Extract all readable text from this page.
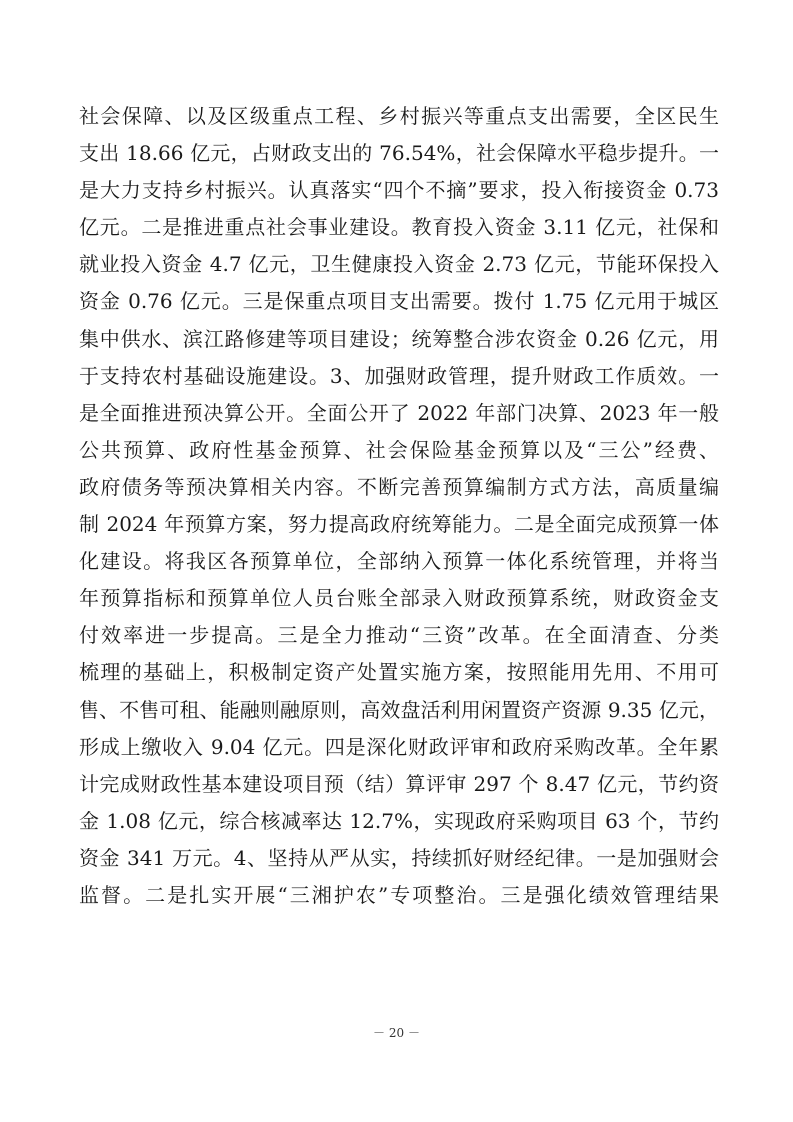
社会保障、以及区级重点工程、乡村振兴等重点支出需要，全区民生
支出 18.66 亿元，占财政支出的 76.54%，社会保障水平稳步提升。一
是大力支持乡村振兴。认真落实“四个不摘”要求，投入衔接资金 0.73
亿元。二是推进重点社会事业建设。教育投入资金 3.11 亿元，社保和
就业投入资金 4.7 亿元，卫生健康投入资金 2.73 亿元，节能环保投入
资金 0.76 亿元。三是保重点项目支出需要。拨付 1.75 亿元用于城区
集中供水、滨江路修建等项目建设；统筹整合涉农资金 0.26 亿元，用
于支持农村基础设施建设。3、加强财政管理，提升财政工作质效。一
是全面推进预决算公开。全面公开了 2022 年部门决算、2023 年一般
公共预算、政府性基金预算、社会保险基金预算以及“三公”经费、
政府债务等预决算相关内容。不断完善预算编制方式方法，高质量编
制 2024 年预算方案，努力提高政府统筹能力。二是全面完成预算一体
化建设。将我区各预算单位，全部纳入预算一体化系统管理，并将当
年预算指标和预算单位人员台账全部录入财政预算系统，财政资金支
付效率进一步提高。三是全力推动“三资”改革。在全面清查、分类
梳理的基础上，积极制定资产处置实施方案，按照能用先用、不用可
售、不售可租、能融则融原则，高效盘活利用闲置资产资源 9.35 亿元，
形成上缴收入 9.04 亿元。四是深化财政评审和政府采购改革。全年累
计完成财政性基本建设项目预（结）算评审 297 个 8.47 亿元，节约资
金 1.08 亿元，综合核减率达 12.7%，实现政府采购项目 63 个，节约
资金 341 万元。4、坚持从严从实，持续抓好财经纪律。一是加强财会
监督。二是扎实开展“三湘护农”专项整治。三是强化绩效管理结果
－ 20 －
